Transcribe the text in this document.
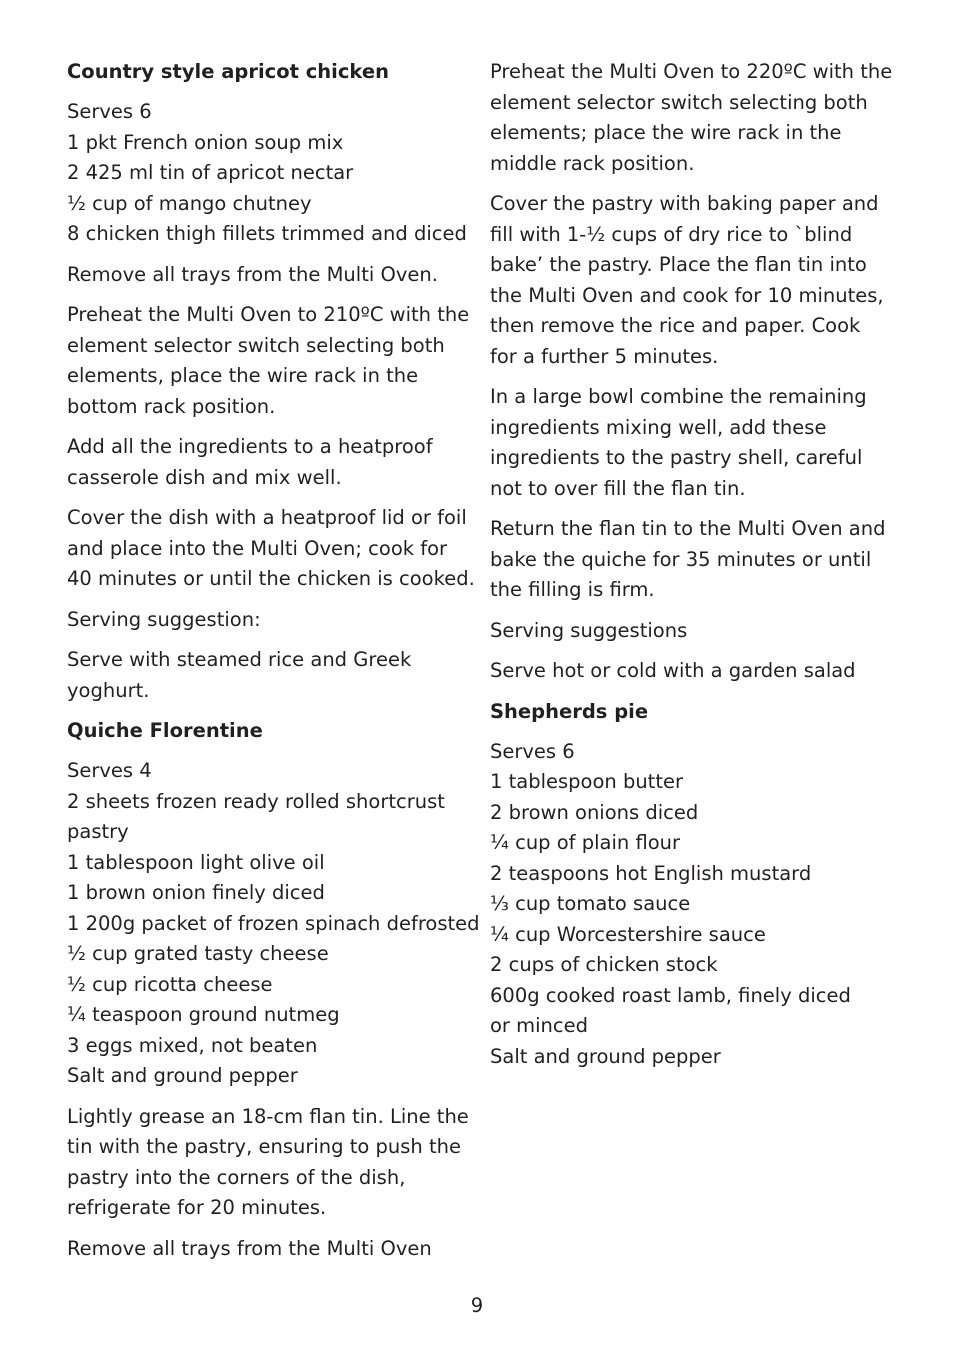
Country style apricot chicken
Serves 6
1 pkt French onion soup mix
2 425 ml tin of apricot nectar
½ cup of mango chutney
8 chicken thigh fillets trimmed and diced
Remove all trays from the Multi Oven.
Preheat the Multi Oven to 210ºC with the
element selector switch selecting both
elements, place the wire rack in the
bottom rack position.
Add all the ingredients to a heatproof
casserole dish and mix well.
Cover the dish with a heatproof lid or foil
and place into the Multi Oven; cook for
40 minutes or until the chicken is cooked.
Serving suggestion:
Serve with steamed rice and Greek
yoghurt.
Quiche Florentine
Serves 4
2 sheets frozen ready rolled shortcrust
pastry
1 tablespoon light olive oil
1 brown onion finely diced
1 200g packet of frozen spinach defrosted
½ cup grated tasty cheese
½ cup ricotta cheese
¼ teaspoon ground nutmeg
3 eggs mixed, not beaten
Salt and ground pepper
Lightly grease an 18-cm flan tin. Line the
tin with the pastry, ensuring to push the
pastry into the corners of the dish,
refrigerate for 20 minutes.
Remove all trays from the Multi Oven
Preheat the Multi Oven to 220ºC with the
element selector switch selecting both
elements; place the wire rack in the
middle rack position.
Cover the pastry with baking paper and
fill with 1-½ cups of dry rice to `blind
bake’ the pastry. Place the flan tin into
the Multi Oven and cook for 10 minutes,
then remove the rice and paper. Cook
for a further 5 minutes.
In a large bowl combine the remaining
ingredients mixing well, add these
ingredients to the pastry shell, careful
not to over fill the flan tin.
Return the flan tin to the Multi Oven and
bake the quiche for 35 minutes or until
the filling is firm.
Serving suggestions
Serve hot or cold with a garden salad
Shepherds pie
Serves 6
1 tablespoon butter
2 brown onions diced
¼ cup of plain flour
2 teaspoons hot English mustard
⅓ cup tomato sauce
¼ cup Worcestershire sauce
2 cups of chicken stock
600g cooked roast lamb, finely diced
or minced
Salt and ground pepper
9
